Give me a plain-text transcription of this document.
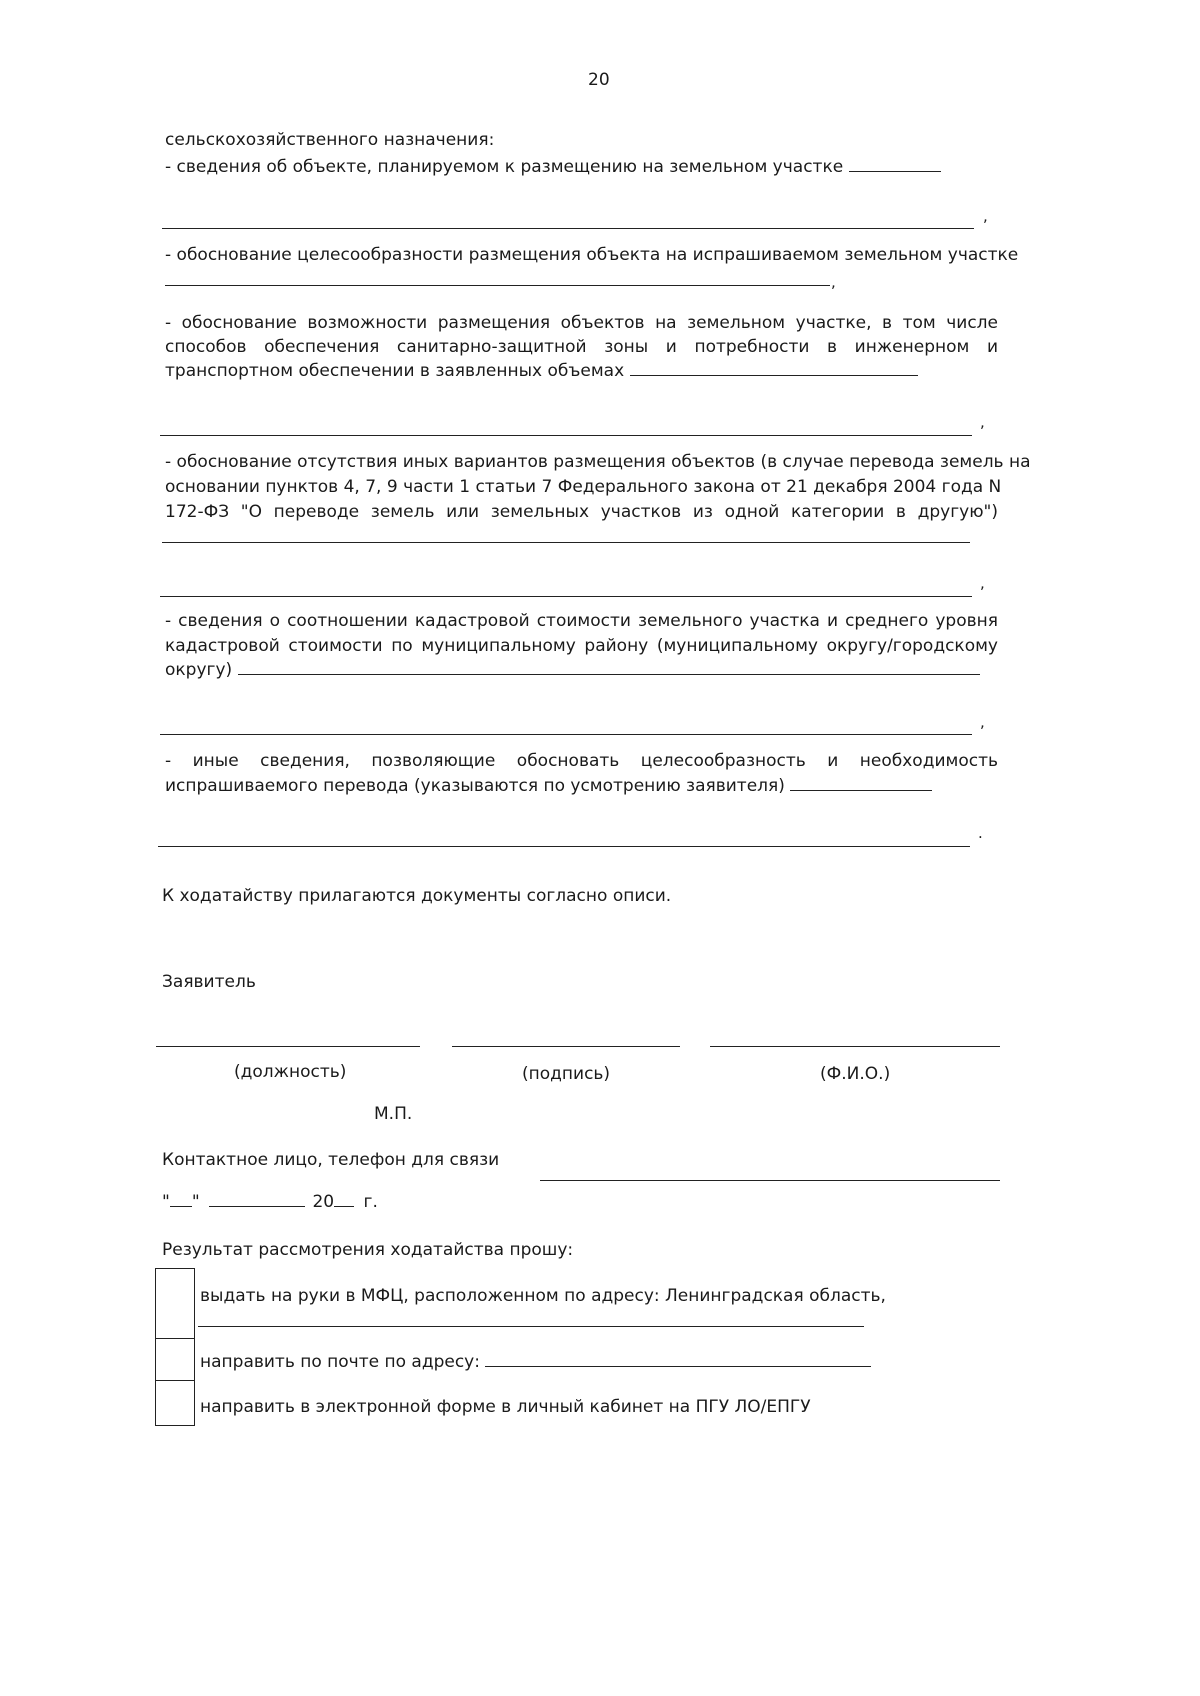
20
сельскохозяйственного назначения:
- сведения об объекте, планируемом к размещению на земельном участке
,
- обоснование целесообразности размещения объекта на испрашиваемом земельном участке
,
- обоснование возможности размещения объектов на земельном участке, в том числе
способов обеспечения санитарно-защитной зоны и потребности в инженерном и
транспортном обеспечении в заявленных объемах
,
- обоснование отсутствия иных вариантов размещения объектов (в случае перевода земель на
основании пунктов 4, 7, 9 части 1 статьи 7 Федерального закона от 21 декабря 2004 года N
172-ФЗ "О переводе земель или земельных участков из одной категории в другую")
,
- сведения о соотношении кадастровой стоимости земельного участка и среднего уровня
кадастровой стоимости по муниципальному району (муниципальному округу/городскому
округу)
,
- иные сведения, позволяющие обосновать целесообразность и необходимость
испрашиваемого перевода (указываются по усмотрению заявителя)
.
К ходатайству прилагаются документы согласно описи.
Заявитель
(должность)	(подпись)	(Ф.И.О.)
М.П.
Контактное лицо, телефон для связи
" "	20 г.
Результат рассмотрения ходатайства прошу:
выдать на руки в МФЦ, расположенном по адресу: Ленинградская область,
направить по почте по адресу:
направить в электронной форме в личный кабинет на ПГУ ЛО/ЕПГУ
